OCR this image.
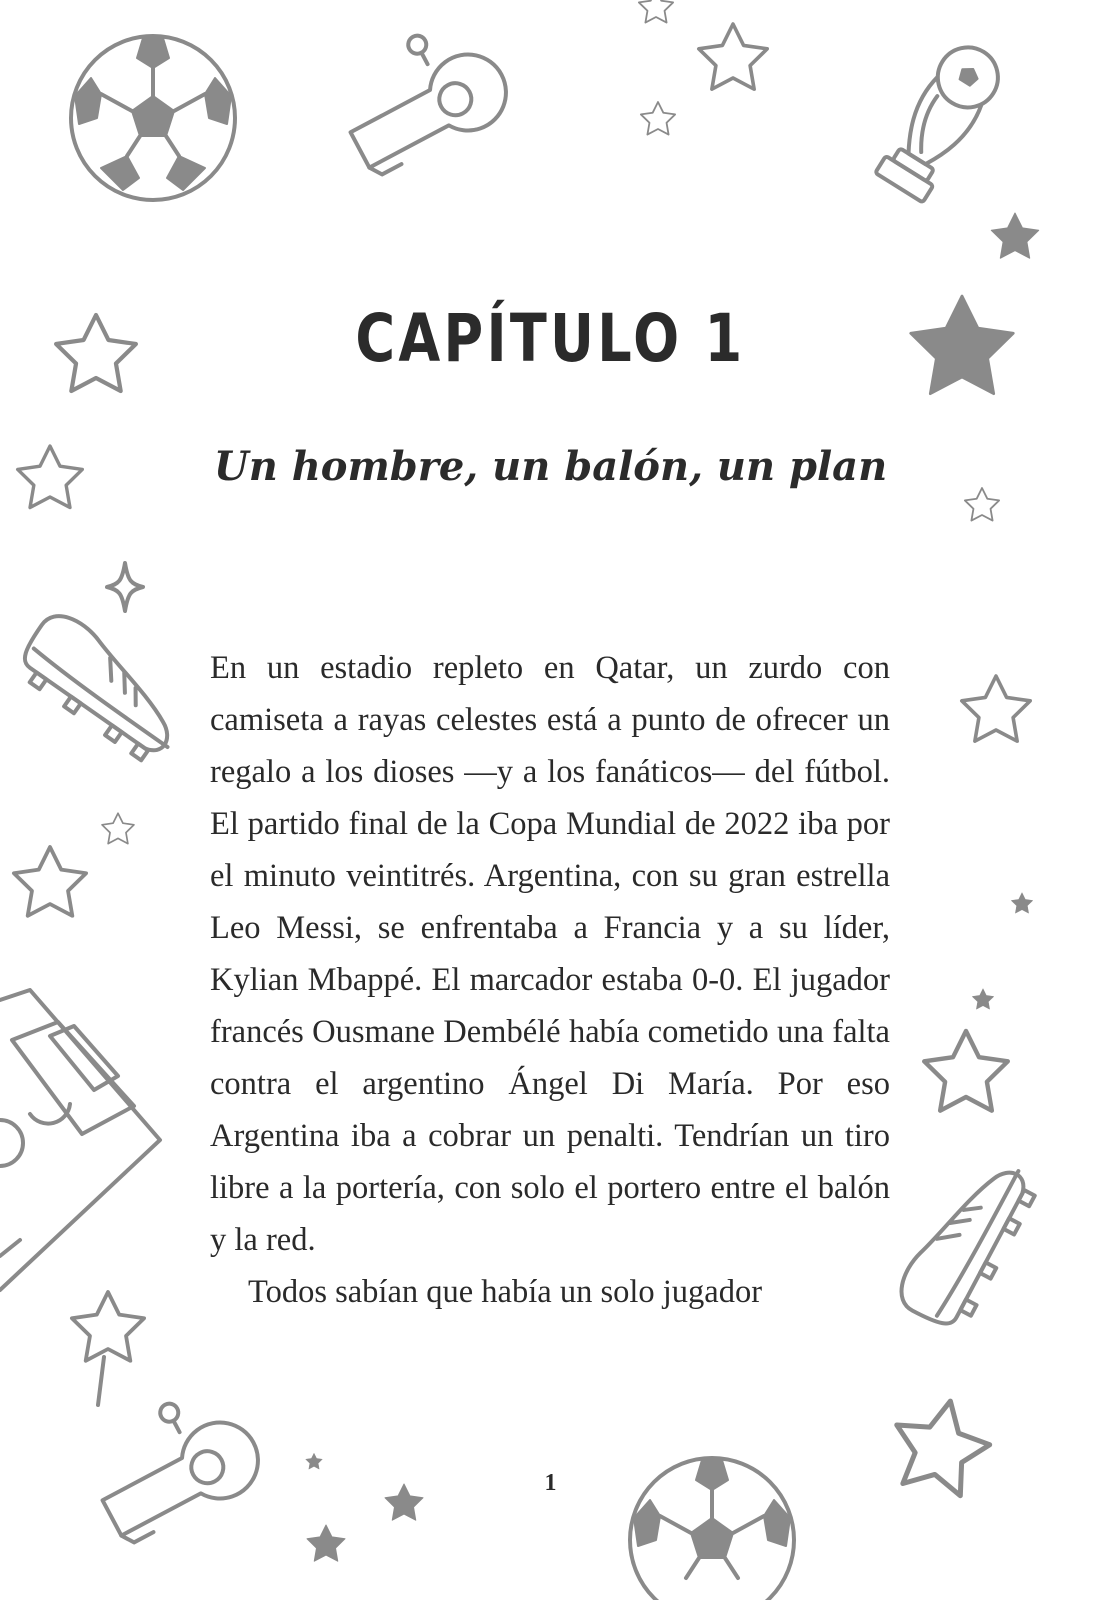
CAPÍTULO 1
Un hombre, un balón, un plan

En un estadio repleto en Qatar, un zurdo con camiseta a rayas celestes está a punto de ofrecer un regalo a los dioses —y a los fanáticos— del fútbol. El partido final de la Copa Mundial de 2022 iba por el minuto veintitrés. Argentina, con su gran estrella Leo Messi, se enfrentaba a Francia y a su líder, Kylian Mbappé. El marcador estaba 0-0. El jugador francés Ousmane Dembélé había cometido una falta contra el argentino Ángel Di María. Por eso Argentina iba a cobrar un penalti. Tendrían un tiro libre a la portería, con solo el portero entre el balón y la red.

Todos sabían que había un solo jugador

1
